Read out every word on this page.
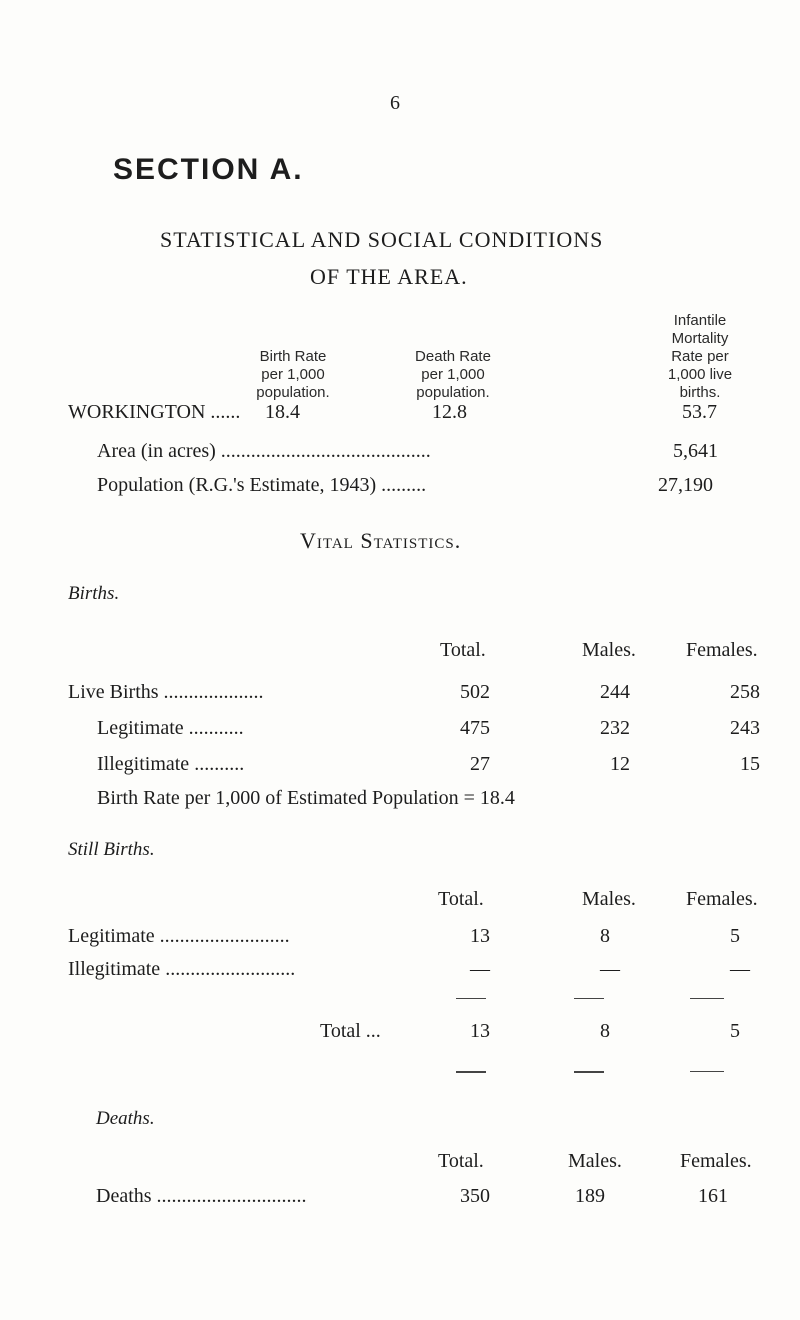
6
SECTION A.
STATISTICAL AND SOCIAL CONDITIONS
OF THE AREA.
Birth Rate
per 1,000
population.
Death Rate
per 1,000
population.
Infantile
Mortality
Rate per
1,000 live
births.
WORKINGTON ...... 18.4	12.8	53.7
Area (in acres) ..........................................	5,641
Population (R.G.'s Estimate, 1943) .........	27,190
Vital Statistics.
Births.
Total.	Males.	Females.
Live Births ....................	502	244	258
Legitimate ...........	475	232	243
Illegitimate ..........	27	12	15
Birth Rate per 1,000 of Estimated Population = 18.4
Still Births.
Total.	Males.	Females.
Legitimate ..........................	13	8	5
Illegitimate ..........................	—	—	—
Total ...	13	8	5
Deaths.
Total.	Males.	Females.
Deaths ..............................	350	189	161
